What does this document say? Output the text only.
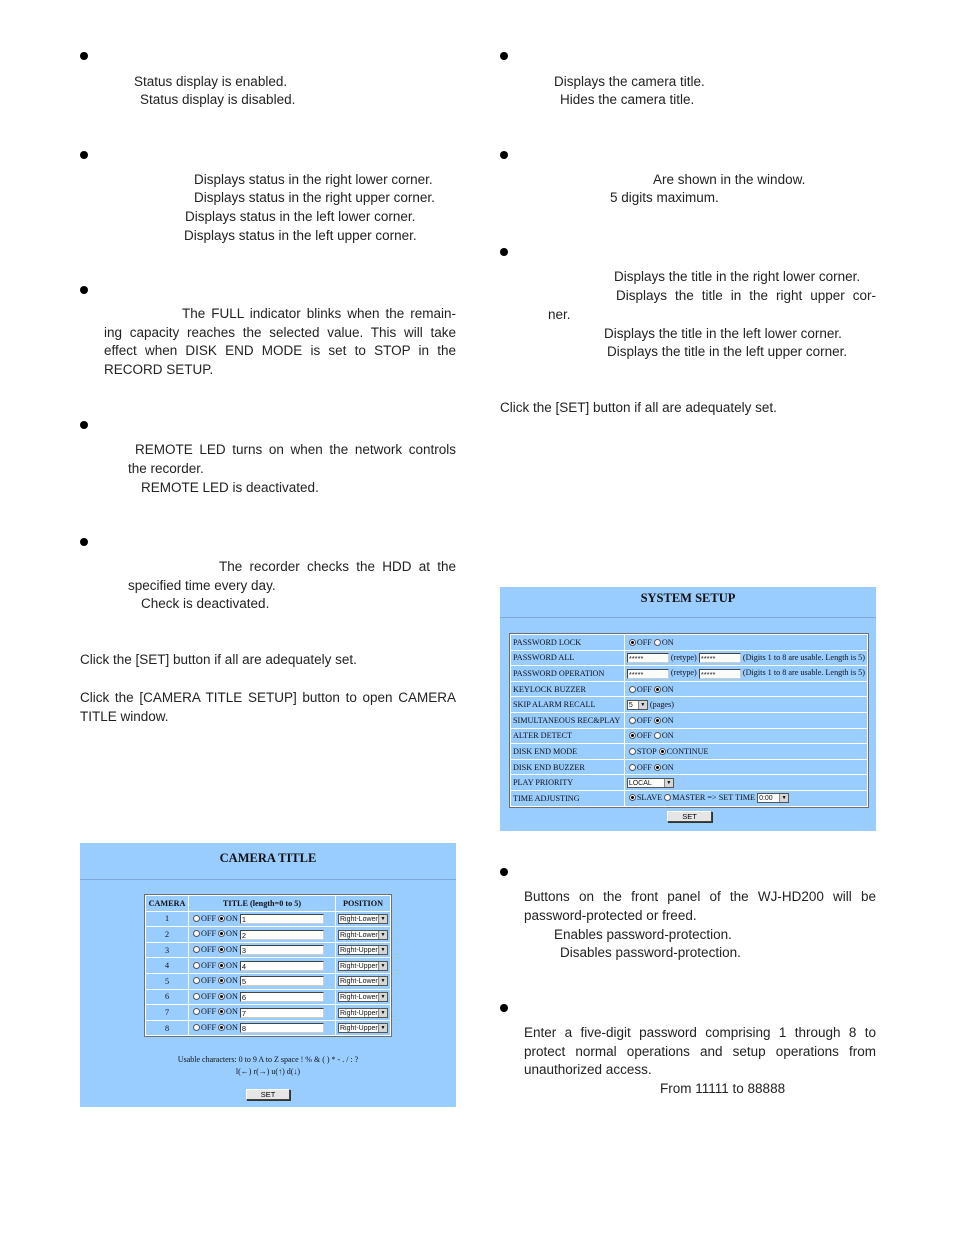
Status display is enabled.
Status display is disabled.
Displays status in the right lower corner.
Displays status in the right upper corner.
Displays status in the left lower corner.
Displays status in the left upper corner.
The FULL indicator blinks when the remain-
ing capacity reaches the selected value. This will take
effect when DISK END MODE is set to STOP in the
RECORD SETUP.
REMOTE LED turns on when the network controls
the recorder.
REMOTE LED is deactivated.
The recorder checks the HDD at the
specified time every day.
Check is deactivated.
Click the [SET] button if all are adequately set.
Click the [CAMERA TITLE SETUP] button to open CAMERA
TITLE window.
CAMERA TITLE
CAMERA	TITLE (length=0 to 5)	POSITION
1	OFF ON 1	Right-Lower ▼

2	OFF ON 2	Right-Lower ▼

3	OFF ON 3	Right-Upper ▼

4	OFF ON 4	Right-Upper ▼

5	OFF ON 5	Right-Lower ▼

6	OFF ON 6	Right-Lower ▼

7	OFF ON 7	Right-Upper ▼

8	OFF ON 8	Right-Upper ▼
Usable characters: 0 to 9 A to Z space ! % & ( ) * - . / : ?
l(←) r(→) u(↑) d(↓)
SET
Displays the camera title.
Hides the camera title.
Are shown in the window.
5 digits maximum.
Displays the title in the right lower corner.
Displays the title in the right upper cor-
ner.
Displays the title in the left lower corner.
Displays the title in the left upper corner.
Click the [SET] button if all are adequately set.
SYSTEM SETUP
PASSWORD LOCK	OFF ON
PASSWORD ALL	***** (retype) ***** (Digits 1 to 8 are usable. Length is 5)
PASSWORD OPERATION	***** (retype) ***** (Digits 1 to 8 are usable. Length is 5)
KEYLOCK BUZZER	OFF ON
SKIP ALARM RECALL	5 ▼ (pages)
SIMULTANEOUS REC&PLAY	OFF ON
ALTER DETECT	OFF ON
DISK END MODE	STOP CONTINUE
DISK END BUZZER	OFF ON
PLAY PRIORITY	LOCAL ▼

TIME ADJUSTING	SLAVE MASTER => SET TIME 0:00 ▼
SET
Buttons on the front panel of the WJ-HD200 will be
password-protected or freed.
Enables password-protection.
Disables password-protection.
Enter a five-digit password comprising 1 through 8 to
protect normal operations and setup operations from
unauthorized access.
From 11111 to 88888
